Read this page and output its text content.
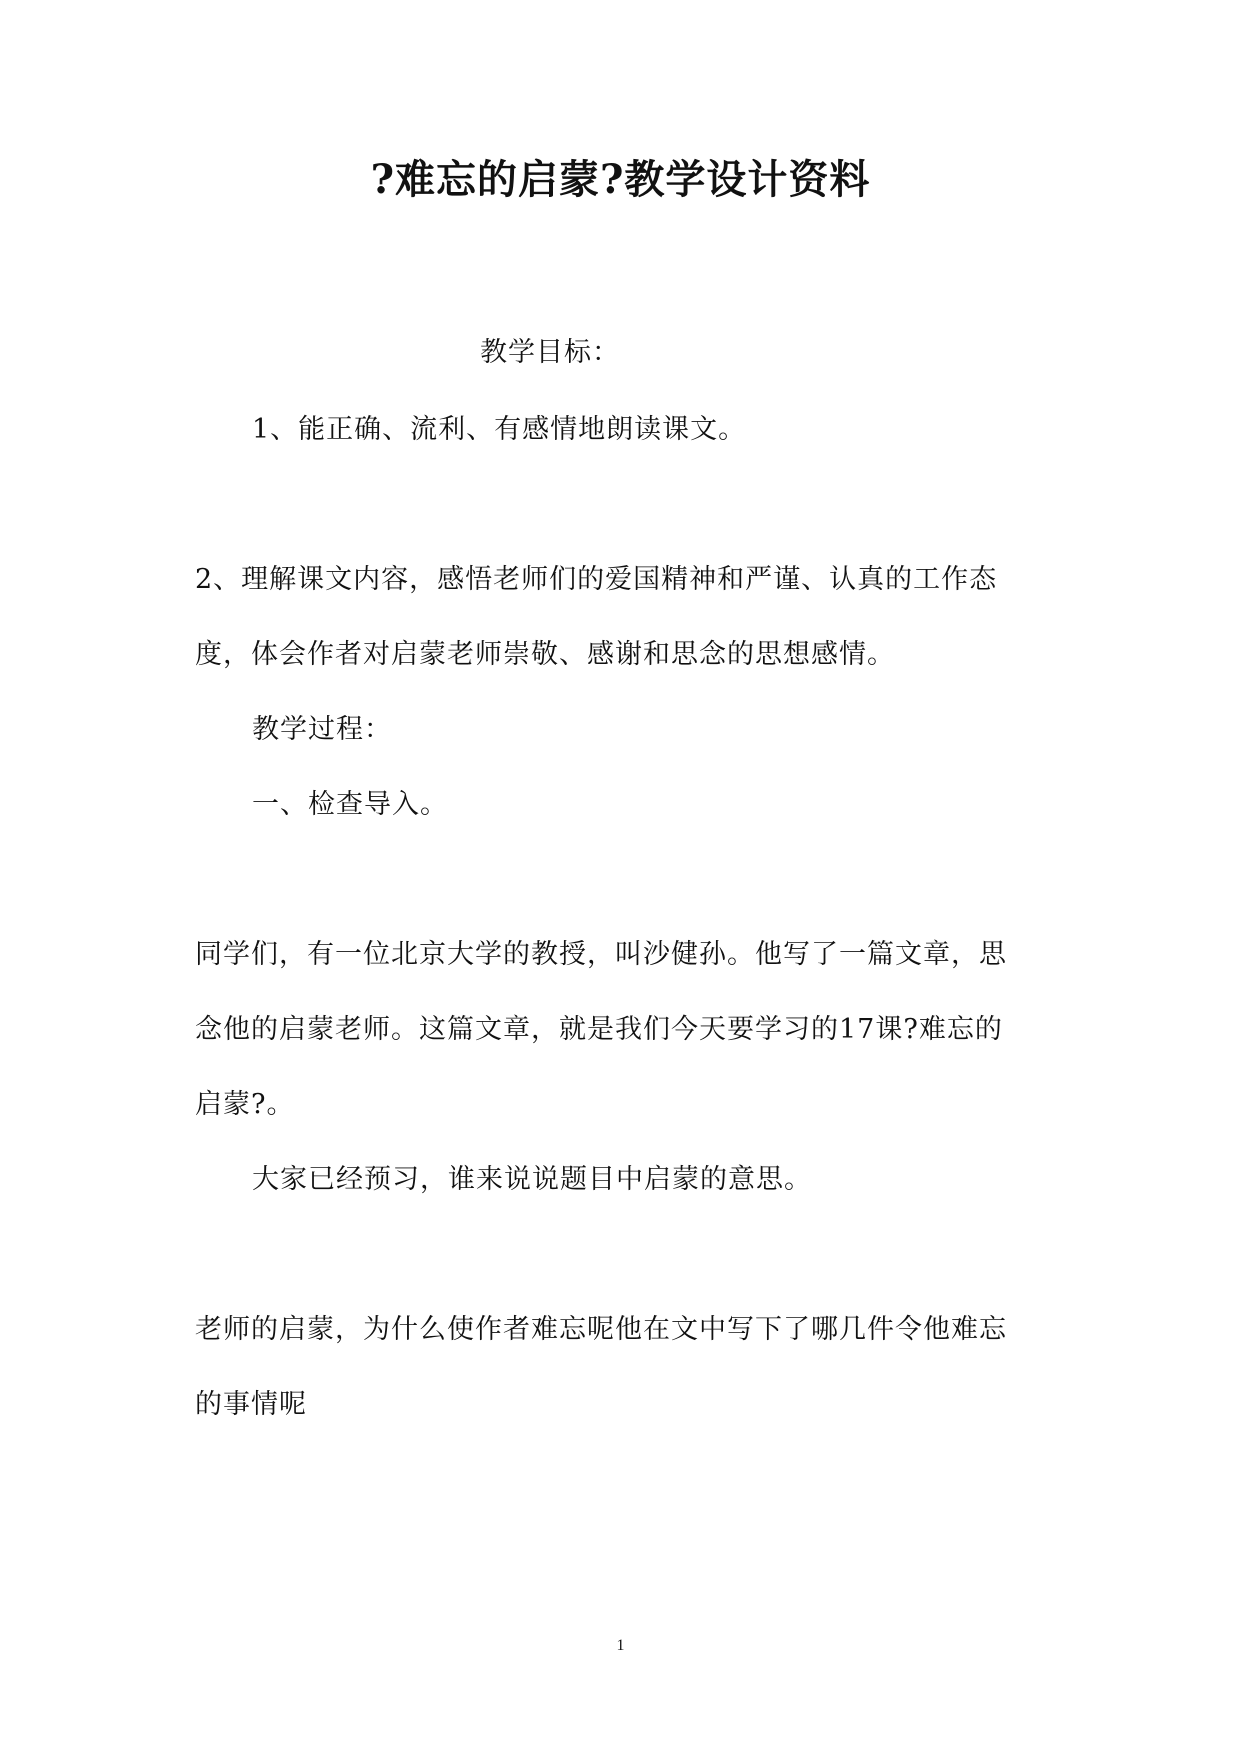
?难忘的启蒙?教学设计资料
教学目标：
1、能正确、流利、有感情地朗读课文。
2、理解课文内容，感悟老师们的爱国精神和严谨、认真的工作态
度，体会作者对启蒙老师崇敬、感谢和思念的思想感情。
教学过程：
一、检查导入。
同学们，有一位北京大学的教授，叫沙健孙。他写了一篇文章，思
念他的启蒙老师。这篇文章，就是我们今天要学习的17课?难忘的
启蒙?。
大家已经预习，谁来说说题目中启蒙的意思。
老师的启蒙，为什么使作者难忘呢他在文中写下了哪几件令他难忘
的事情呢
1
